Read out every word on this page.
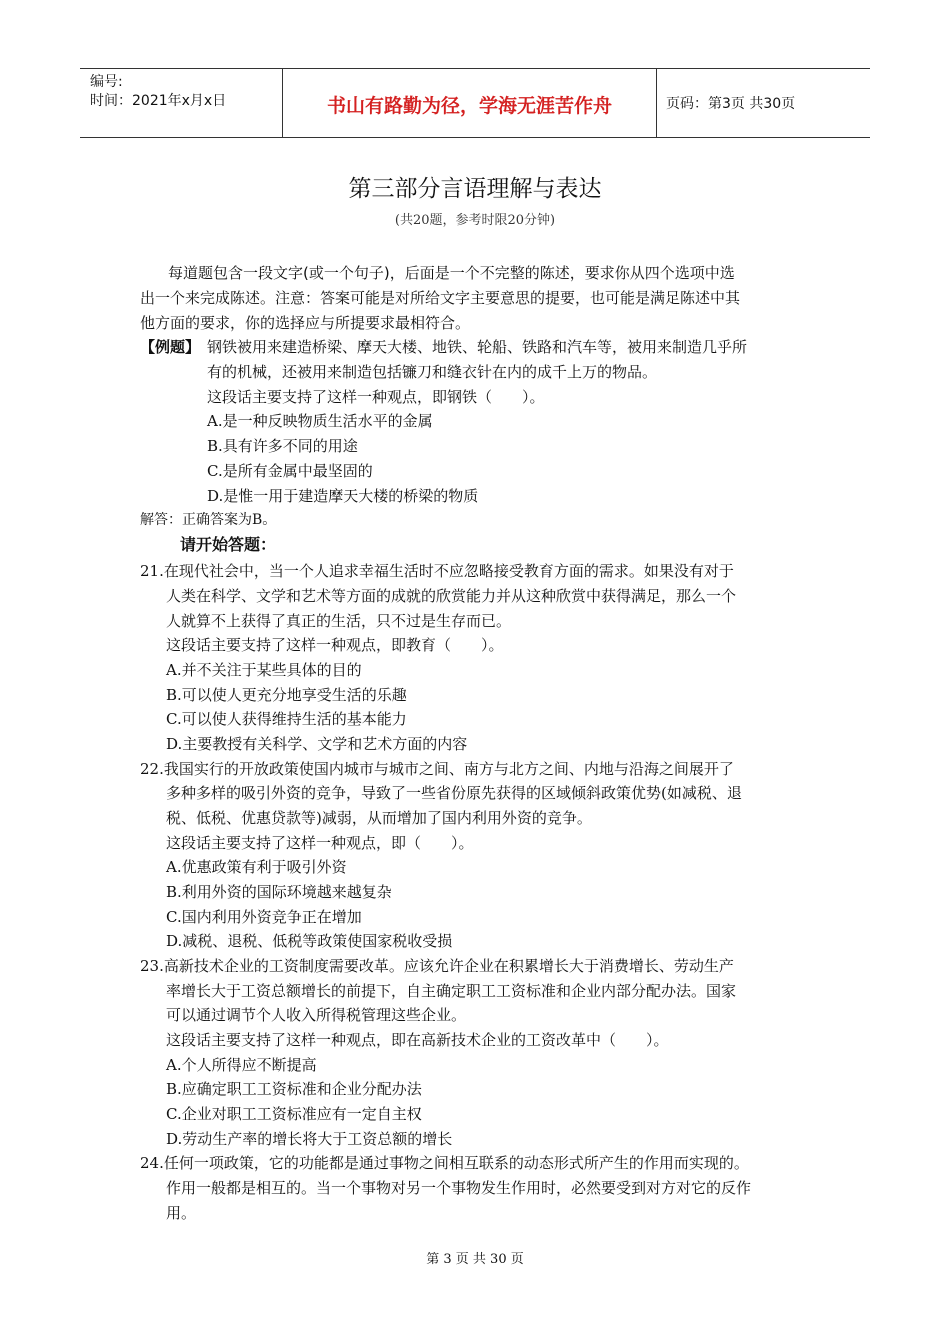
编号:
时间：2021年x月x日	书山有路勤为径，学海无涯苦作舟	页码：第3页 共30页
第三部分言语理解与表达
(共20题，参考时限20分钟)
每道题包含一段文字(或一个句子)，后面是一个不完整的陈述，要求你从四个选项中选
出一个来完成陈述。注意：答案可能是对所给文字主要意思的提要，也可能是满足陈述中其
他方面的要求，你的选择应与所提要求最相符合。
【例题】 钢铁被用来建造桥梁、摩天大楼、地铁、轮船、铁路和汽车等，被用来制造几乎所
有的机械，还被用来制造包括镰刀和缝衣针在内的成千上万的物品。
这段话主要支持了这样一种观点，即钢铁（　　）。
A.是一种反映物质生活水平的金属
B.具有许多不同的用途
C.是所有金属中最坚固的
D.是惟一用于建造摩天大楼的桥梁的物质
解答：正确答案为B。
请开始答题：
21.在现代社会中，当一个人追求幸福生活时不应忽略接受教育方面的需求。如果没有对于
人类在科学、文学和艺术等方面的成就的欣赏能力并从这种欣赏中获得满足，那么一个
人就算不上获得了真正的生活，只不过是生存而已。
这段话主要支持了这样一种观点，即教育（　　）。
A.并不关注于某些具体的目的
B.可以使人更充分地享受生活的乐趣
C.可以使人获得维持生活的基本能力
D.主要教授有关科学、文学和艺术方面的内容
22.我国实行的开放政策使国内城市与城市之间、南方与北方之间、内地与沿海之间展开了
多种多样的吸引外资的竞争，导致了一些省份原先获得的区域倾斜政策优势(如减税、退
税、低税、优惠贷款等)减弱，从而增加了国内利用外资的竞争。
这段话主要支持了这样一种观点，即（　　）。
A.优惠政策有利于吸引外资
B.利用外资的国际环境越来越复杂
C.国内利用外资竞争正在增加
D.减税、退税、低税等政策使国家税收受损
23.高新技术企业的工资制度需要改革。应该允许企业在积累增长大于消费增长、劳动生产
率增长大于工资总额增长的前提下，自主确定职工工资标准和企业内部分配办法。国家
可以通过调节个人收入所得税管理这些企业。
这段话主要支持了这样一种观点，即在高新技术企业的工资改革中（　　）。
A.个人所得应不断提高
B.应确定职工工资标准和企业分配办法
C.企业对职工工资标准应有一定自主权
D.劳动生产率的增长将大于工资总额的增长
24.任何一项政策，它的功能都是通过事物之间相互联系的动态形式所产生的作用而实现的。
作用一般都是相互的。当一个事物对另一个事物发生作用时，必然要受到对方对它的反作
用。
第 3 页 共 30 页
